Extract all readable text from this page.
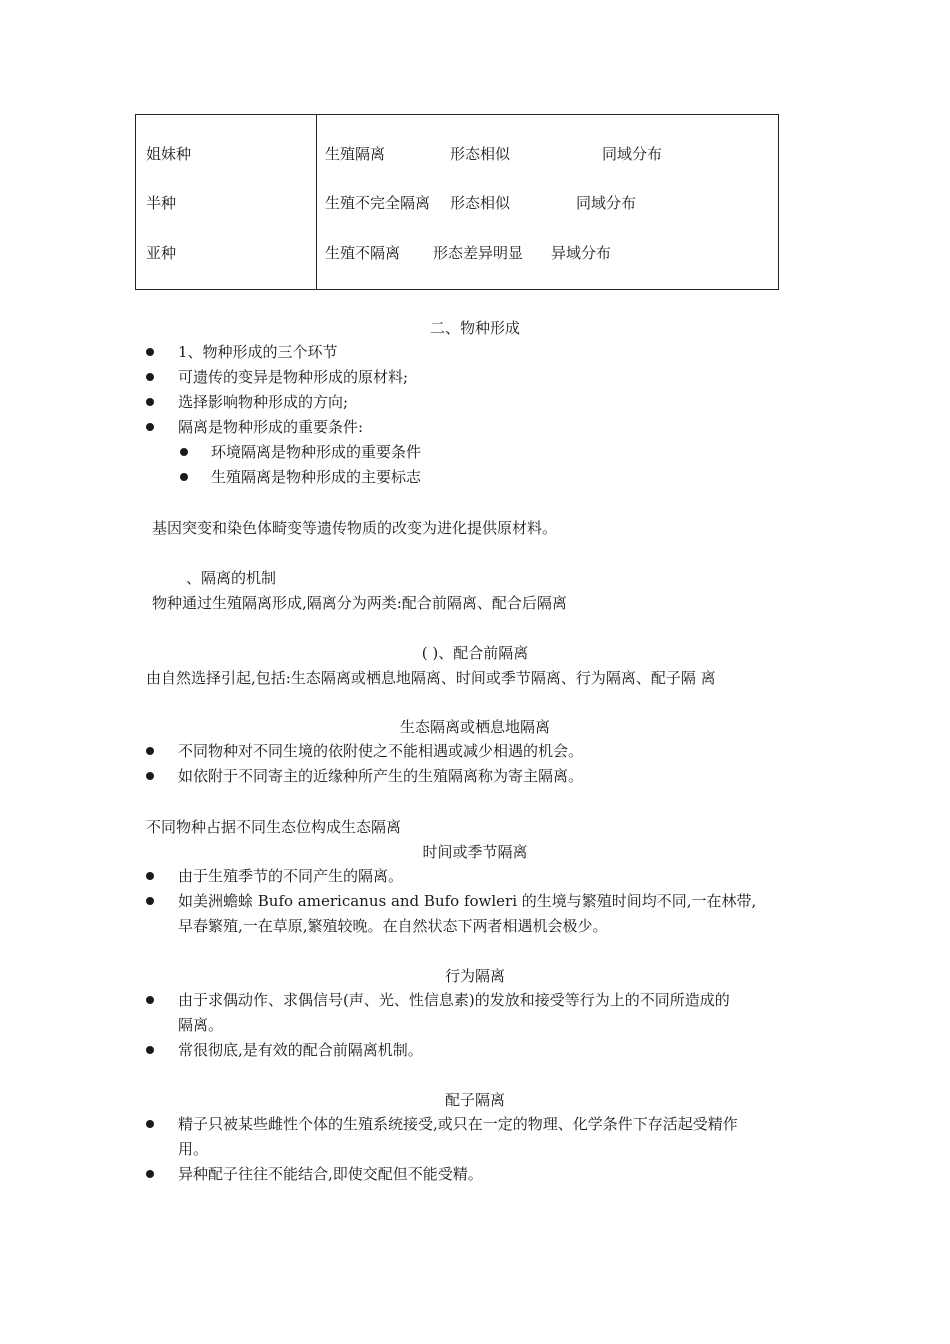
姐妹种	生殖隔离	形态相似	同域分布
半种	生殖不完全隔离 形态相似	同域分布
亚种	生殖不隔离 形态差异明显 异域分布
二、物种形成
1、物种形成的三个环节
可遗传的变异是物种形成的原材料;
选择影响物种形成的方向;
隔离是物种形成的重要条件:
环境隔离是物种形成的重要条件
生殖隔离是物种形成的主要标志
基因突变和染色体畸变等遗传物质的改变为进化提供原材料。
、隔离的机制
物种通过生殖隔离形成,隔离分为两类:配合前隔离、配合后隔离
( )、配合前隔离
由自然选择引起,包括:生态隔离或栖息地隔离、时间或季节隔离、行为隔离、配子隔 离
生态隔离或栖息地隔离
不同物种对不同生境的依附使之不能相遇或减少相遇的机会。
如依附于不同寄主的近缘种所产生的生殖隔离称为寄主隔离。
不同物种占据不同生态位构成生态隔离
时间或季节隔离
由于生殖季节的不同产生的隔离。
如美洲蟾蜍 Bufo americanus and Bufo fowleri 的生境与繁殖时间均不同,一在林带,
早春繁殖,一在草原,繁殖较晚。在自然状态下两者相遇机会极少。
行为隔离
由于求偶动作、求偶信号(声、光、性信息素)的发放和接受等行为上的不同所造成的
隔离。
常很彻底,是有效的配合前隔离机制。
配子隔离
精子只被某些雌性个体的生殖系统接受,或只在一定的物理、化学条件下存活起受精作
用。
异种配子往往不能结合,即使交配但不能受精。
